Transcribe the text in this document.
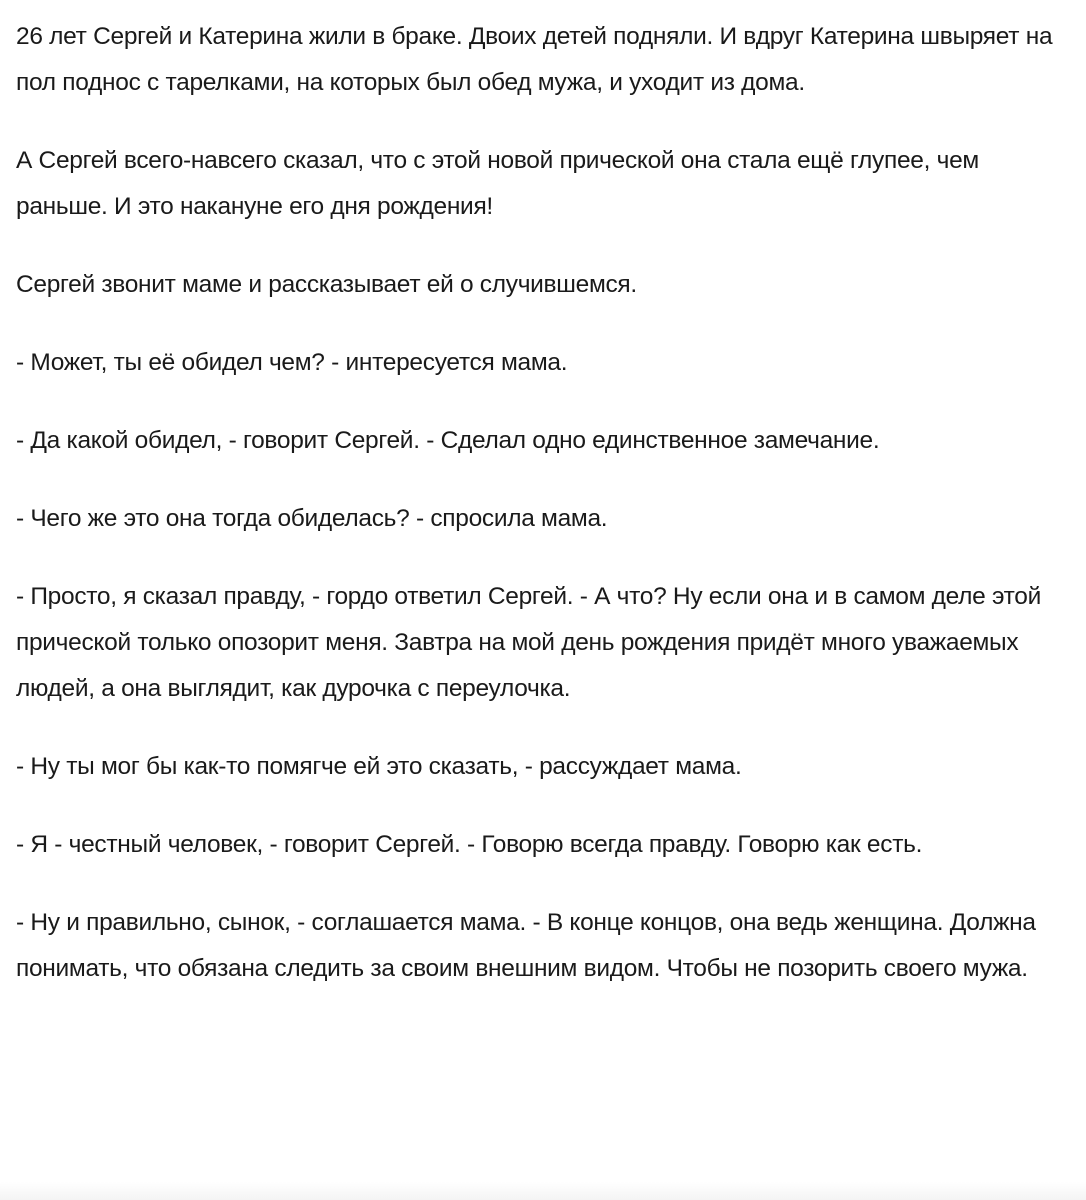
26 лет Сергей и Катерина жили в браке. Двоих детей подняли. И вдруг Катерина швыряет на пол поднос с тарелками, на которых был обед мужа, и уходит из дома.

А Сергей всего-навсего сказал, что с этой новой прической она стала ещё глупее, чем раньше. И это накануне его дня рождения!

Сергей звонит маме и рассказывает ей о случившемся.

- Может, ты её обидел чем? - интересуется мама.

- Да какой обидел, - говорит Сергей. - Сделал одно единственное замечание.

- Чего же это она тогда обиделась? - спросила мама.

- Просто, я сказал правду, - гордо ответил Сергей. - А что? Ну если она и в самом деле этой прической только опозорит меня. Завтра на мой день рождения придёт много уважаемых людей, а она выглядит, как дурочка с переулочка.

- Ну ты мог бы как-то помягче ей это сказать, - рассуждает мама.

- Я - честный человек, - говорит Сергей. - Говорю всегда правду. Говорю как есть.

- Ну и правильно, сынок, - соглашается мама. - В конце концов, она ведь женщина. Должна понимать, что обязана следить за своим внешним видом. Чтобы не позорить своего мужа.
